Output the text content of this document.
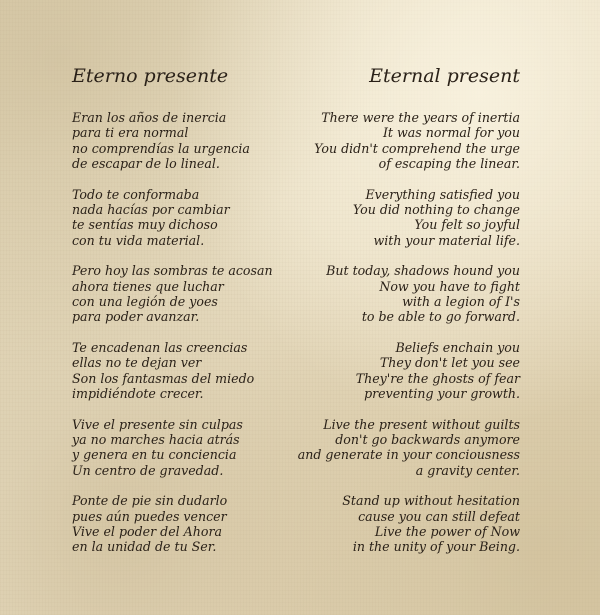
Eterno presente
Eran los años de inercia
para ti era normal
no comprendías la urgencia
de escapar de lo lineal.
Todo te conformaba
nada hacías por cambiar
te sentías muy dichoso
con tu vida material.
Pero hoy las sombras te acosan
ahora tienes que luchar
con una legión de yoes
para poder avanzar.
Te encadenan las creencias
ellas no te dejan ver
Son los fantasmas del miedo
impidiéndote crecer.
Vive el presente sin culpas
ya no marches hacia atrás
y genera en tu conciencia
Un centro de gravedad.
Ponte de pie sin dudarlo
pues aún puedes vencer
Vive el poder del Ahora
en la unidad de tu Ser.
Eternal present
There were the years of inertia
It was normal for you
You didn't comprehend the urge
of escaping the linear.
Everything satisfied you
You did nothing to change
You felt so joyful
with your material life.
But today, shadows hound you
Now you have to fight
with a legion of I's
to be able to go forward.
Beliefs enchain you
They don't let you see
They're the ghosts of fear
preventing your growth.
Live the present without guilts
don't go backwards anymore
and generate in your conciousness
a gravity center.
Stand up without hesitation
cause you can still defeat
Live the power of Now
in the unity of your Being.
